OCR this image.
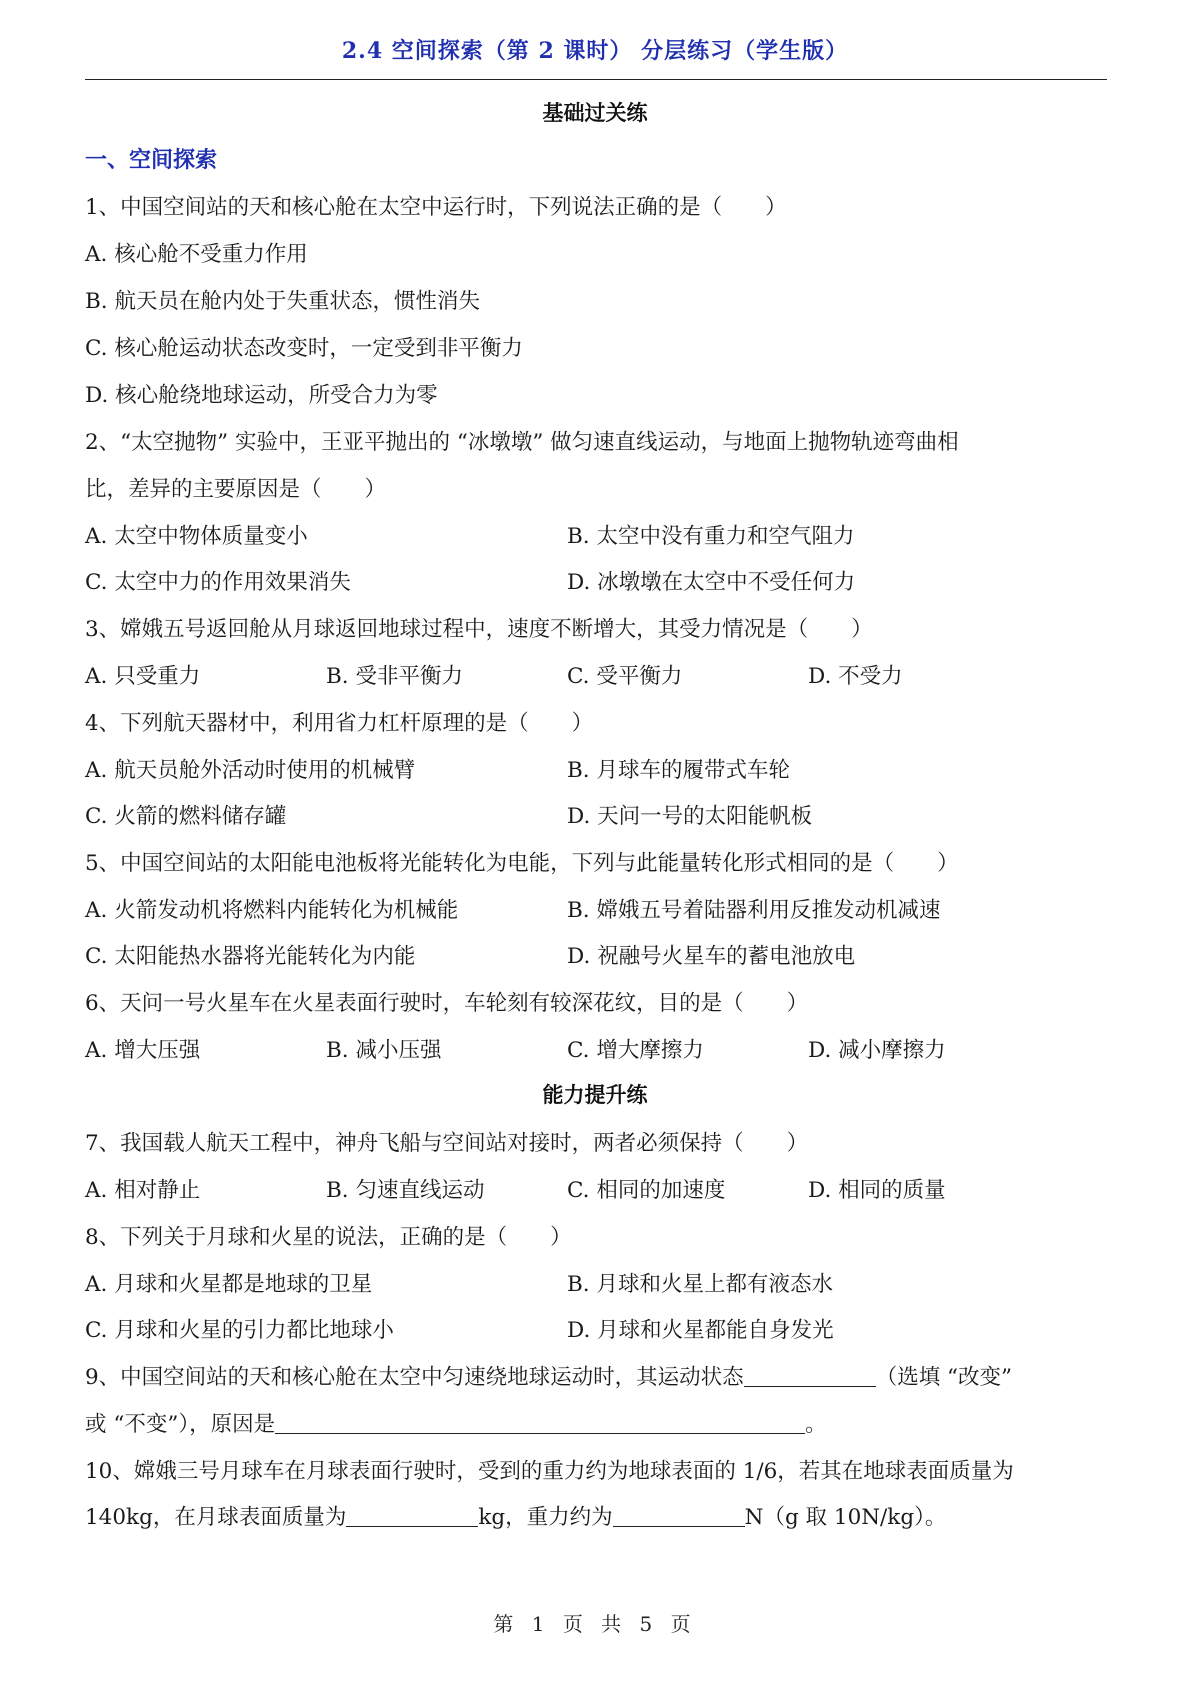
2.4 空间探索（第 2 课时） 分层练习（学生版）
基础过关练
一、空间探索
1、中国空间站的天和核心舱在太空中运行时，下列说法正确的是（　　）
A. 核心舱不受重力作用
B. 航天员在舱内处于失重状态，惯性消失
C. 核心舱运动状态改变时，一定受到非平衡力
D. 核心舱绕地球运动，所受合力为零
2、“太空抛物” 实验中，王亚平抛出的 “冰墩墩” 做匀速直线运动，与地面上抛物轨迹弯曲相
比，差异的主要原因是（　　）
A. 太空中物体质量变小	B. 太空中没有重力和空气阻力
C. 太空中力的作用效果消失	D. 冰墩墩在太空中不受任何力
3、嫦娥五号返回舱从月球返回地球过程中，速度不断增大，其受力情况是（　　）
A. 只受重力	B. 受非平衡力	C. 受平衡力	D. 不受力
4、下列航天器材中，利用省力杠杆原理的是（　　）
A. 航天员舱外活动时使用的机械臂	B. 月球车的履带式车轮
C. 火箭的燃料储存罐	D. 天问一号的太阳能帆板
5、中国空间站的太阳能电池板将光能转化为电能，下列与此能量转化形式相同的是（　　）
A. 火箭发动机将燃料内能转化为机械能	B. 嫦娥五号着陆器利用反推发动机减速
C. 太阳能热水器将光能转化为内能	D. 祝融号火星车的蓄电池放电
6、天问一号火星车在火星表面行驶时，车轮刻有较深花纹，目的是（　　）
A. 增大压强	B. 减小压强	C. 增大摩擦力	D. 减小摩擦力
能力提升练
7、我国载人航天工程中，神舟飞船与空间站对接时，两者必须保持（　　）
A. 相对静止	B. 匀速直线运动	C. 相同的加速度	D. 相同的质量
8、下列关于月球和火星的说法，正确的是（　　）
A. 月球和火星都是地球的卫星	B. 月球和火星上都有液态水
C. 月球和火星的引力都比地球小	D. 月球和火星都能自身发光
9、中国空间站的天和核心舱在太空中匀速绕地球运动时，其运动状态	（选填 “改变”
或 “不变”），原因是	。
10、嫦娥三号月球车在月球表面行驶时，受到的重力约为地球表面的 1/6，若其在地球表面质量为
140kg，在月球表面质量为	kg，重力约为	N（g 取 10N/kg）。
第 1 页 共 5 页
